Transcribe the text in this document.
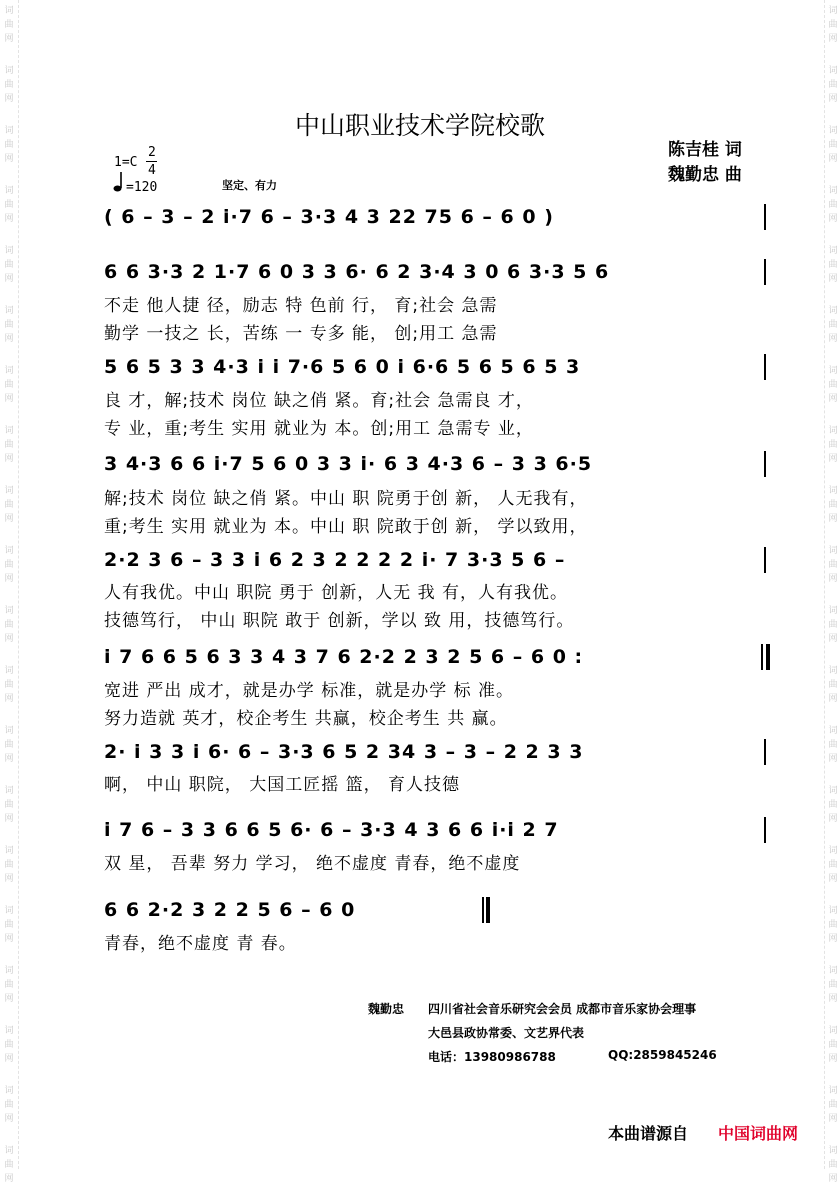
词
曲
网
词
曲
网
词
曲
网
词
曲
网
词
曲
网
词
曲
网
词
曲
网
词
曲
网
词
曲
网
词
曲
网
词
曲
网
词
曲
网
词
曲
网
词
曲
网
词
曲
网
词
曲
网
词
曲
网
词
曲
网
词
曲
网
词
曲
网
词
曲
网
词
曲
网
词
曲
网
词
曲
网
词
曲
网
词
曲
网
词
曲
网
词
曲
网
词
曲
网
词
曲
网
词
曲
网
词
曲
网
词
曲
网
词
曲
网
词
曲
网
词
曲
网
词
曲
网
词
曲
网
词
曲
网
词
曲
网
中山职业技术学院校歌
陈吉桂 词
魏勤忠 曲
1=C
2
4
=120	坚定、有力
( 6 – 3 – 2 i·7 6 – 3·3 4 3 22 75 6 – 6 0 )
6 6 3·3 2 1·7 6 0 3 3 6· 6 2 3·4 3 0 6 3·3 5 6
不走 他人捷 径，励志 特 色前 行， 育;社会 急需
勤学 一技之 长，苦练 一 专多 能， 创;用工 急需
5 6 5 3 3 4·3 i i 7·6 5 6 0 i 6·6 5 6 5 6 5 3
良 才，解;技术 岗位 缺之俏 紧。育;社会 急需良 才，
专 业，重;考生 实用 就业为 本。创;用工 急需专 业，
3 4·3 6 6 i·7 5 6 0 3 3 i· 6 3 4·3 6 – 3 3 6·5
解;技术 岗位 缺之俏 紧。中山 职 院勇于创 新， 人无我有，
重;考生 实用 就业为 本。中山 职 院敢于创 新， 学以致用，
2·2 3 6 – 3 3 i 6 2 3 2 2 2 2 i· 7 3·3 5 6 –
人有我优。中山 职院 勇于 创新，人无 我 有，人有我优。
技德笃行， 中山 职院 敢于 创新，学以 致 用，技德笃行。
i 7 6 6 5 6 3 3 4 3 7 6 2·2 2 3 2 5 6 – 6 0 :
宽进 严出 成才，就是办学 标准，就是办学 标 准。
努力造就 英才，校企考生 共赢，校企考生 共 赢。
2· i 3 3 i 6· 6 – 3·3 6 5 2 34 3 – 3 – 2 2 3 3
啊， 中山 职院， 大国工匠摇 篮， 育人技德
i 7 6 – 3 3 6 6 5 6· 6 – 3·3 4 3 6 6 i·i 2 7
双 星， 吾辈 努力 学习， 绝不虚度 青春，绝不虚度
6 6 2·2 3 2 2 5 6 – 6 0
青春，绝不虚度 青 春。
魏勤忠 四川省社会音乐研究会会员 成都市音乐家协会理事
大邑县政协常委、文艺界代表
电话：13980986788	QQ:2859845246
本曲谱源自 中国词曲网
